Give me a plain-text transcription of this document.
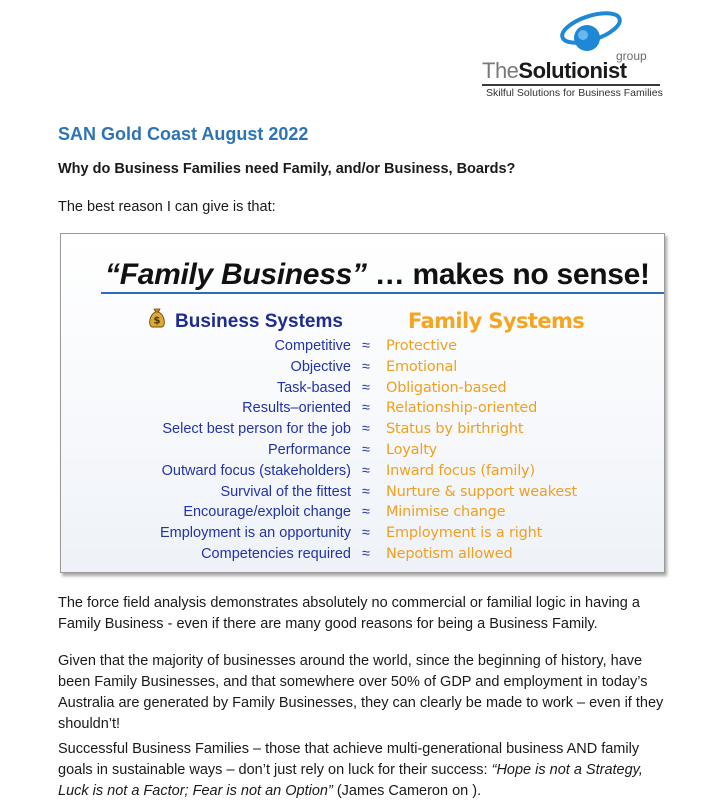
group
TheSolutionist
Skilful Solutions for Business Families
SAN Gold Coast August 2022
Why do Business Families need Family, and/or Business, Boards?
The best reason I can give is that:
“Family Business” … makes no sense!
$ Business Systems	Family Systems
Competitive ≈ Protective
Objective ≈ Emotional
Task-based ≈ Obligation-based
Results–oriented ≈ Relationship-oriented
Select best person for the job ≈ Status by birthright
Performance ≈ Loyalty
Outward focus (stakeholders) ≈ Inward focus (family)
Survival of the fittest ≈ Nurture & support weakest
Encourage/exploit change ≈ Minimise change
Employment is an opportunity ≈ Employment is a right
Competencies required ≈ Nepotism allowed
The force field analysis demonstrates absolutely no commercial or familial logic in having a Family Business - even if there are many good reasons for being a Business Family.
Given that the majority of businesses around the world, since the beginning of history, have been Family Businesses, and that somewhere over 50% of GDP and employment in today’s Australia are generated by Family Businesses, they can clearly be made to work – even if they shouldn’t!
Successful Business Families – those that achieve multi-generational business AND family goals in sustainable ways – don’t just rely on luck for their success: “Hope is not a Strategy, Luck is not a Factor; Fear is not an Option” (James Cameron on ).
